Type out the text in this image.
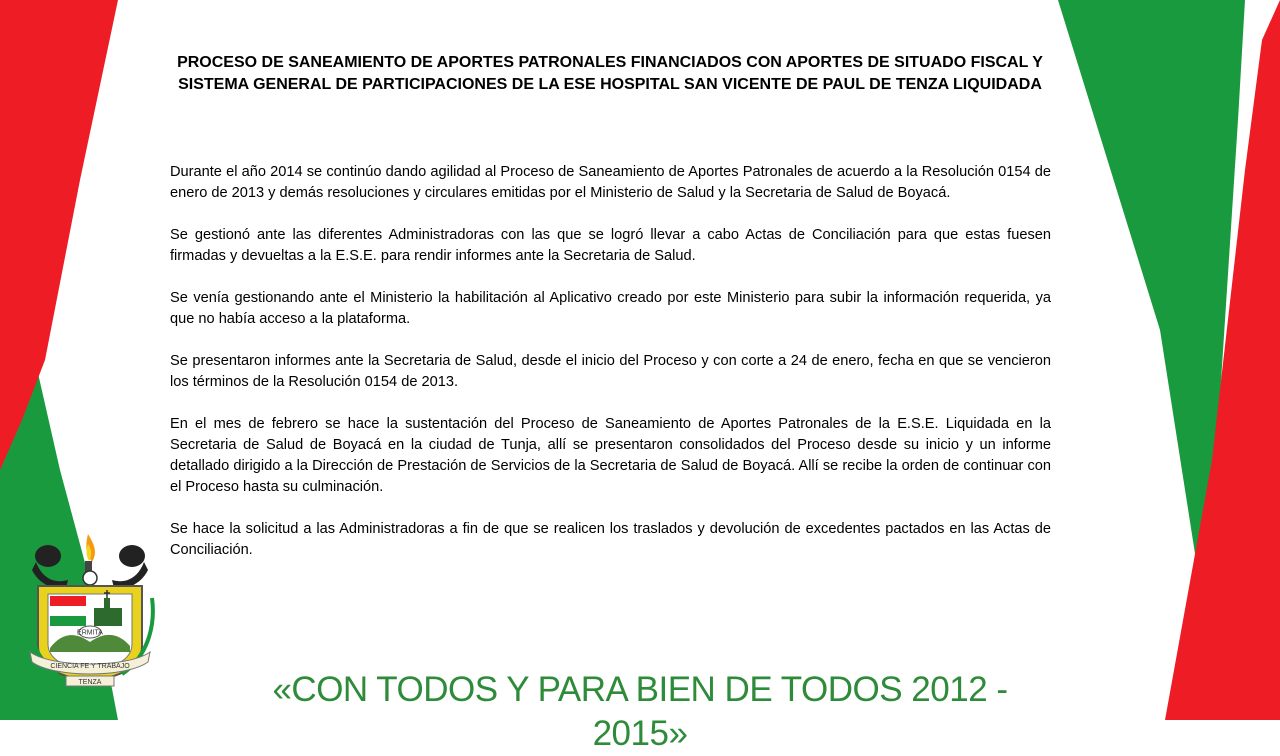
PROCESO DE SANEAMIENTO DE APORTES PATRONALES FINANCIADOS CON APORTES DE SITUADO FISCAL Y SISTEMA GENERAL DE PARTICIPACIONES DE LA ESE HOSPITAL SAN VICENTE DE PAUL DE TENZA LIQUIDADA

Durante el año 2014 se continúo dando agilidad al Proceso de Saneamiento de Aportes Patronales de acuerdo a la Resolución 0154 de enero de 2013 y demás resoluciones y circulares emitidas por el Ministerio de Salud y la Secretaria de Salud de Boyacá.

Se gestionó ante las diferentes Administradoras con las que se logró llevar a cabo Actas de Conciliación para que estas fuesen firmadas y devueltas a la E.S.E. para rendir informes ante la Secretaria de Salud.

Se venía gestionando ante el Ministerio la habilitación al Aplicativo creado por este Ministerio para subir la información requerida, ya que no había acceso a la plataforma.

Se presentaron informes ante la Secretaria de Salud, desde el inicio del Proceso y con corte a 24 de enero, fecha en que se vencieron los términos de la Resolución 0154 de 2013.

En el mes de febrero se hace la sustentación del Proceso de Saneamiento de Aportes Patronales de la E.S.E. Liquidada en la Secretaria de Salud de Boyacá en la ciudad de Tunja, allí se presentaron consolidados del Proceso desde su inicio y un informe detallado dirigido a la Dirección de Prestación de Servicios de la Secretaria de Salud de Boyacá. Allí se recibe la orden de continuar con el Proceso hasta su culminación.

Se hace la solicitud a las Administradoras a fin de que se realicen los traslados y devolución de excedentes pactados en las Actas de Conciliación.

ERMITA
CIENCIA FE Y TRABAJO
TENZA	«CON TODOS Y PARA BIEN DE TODOS 2012 - 2015»
